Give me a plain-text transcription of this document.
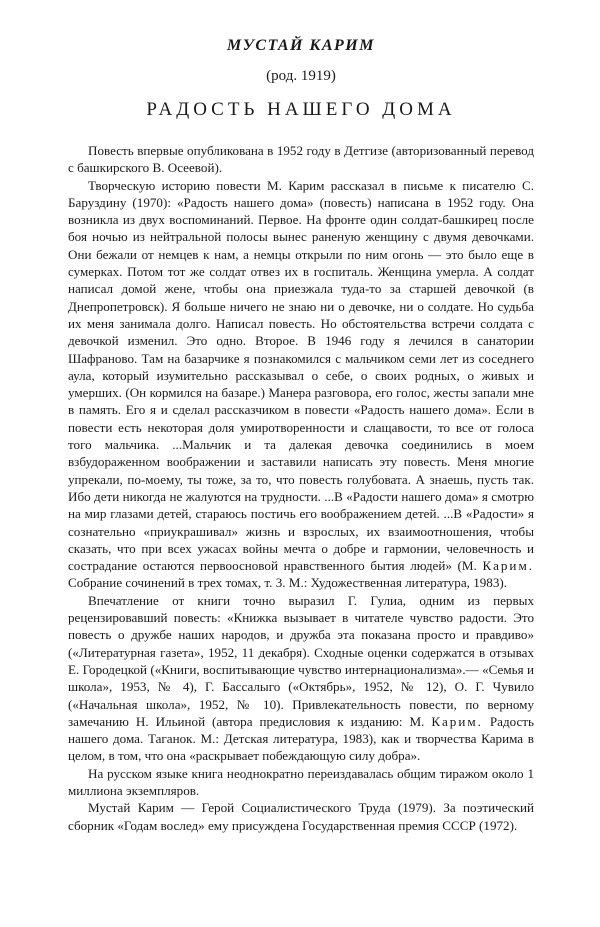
МУСТАЙ КАРИМ
(род. 1919)
РАДОСТЬ НАШЕГО ДОМА

Повесть впервые опубликована в 1952 году в Детгизе (авторизованный перевод с башкирского В. Осеевой).

Творческую историю повести М. Карим рассказал в письме к писателю С. Баруздину (1970): «Радость нашего дома» (повесть) написана в 1952 году. Она возникла из двух воспоминаний. Первое. На фронте один солдат-башкирец после боя ночью из нейтральной полосы вынес раненую женщину с двумя девочками. Они бежали от немцев к нам, а немцы открыли по ним огонь — это было еще в сумерках. Потом тот же солдат отвез их в госпиталь. Женщина умерла. А солдат написал домой жене, чтобы она приезжала туда-то за старшей девочкой (в Днепропетровск). Я больше ничего не знаю ни о девочке, ни о солдате. Но судьба их меня занимала долго. Написал повесть. Но обстоятельства встречи солдата с девочкой изменил. Это одно. Второе. В 1946 году я лечился в санатории Шафраново. Там на базарчике я познакомился с мальчиком семи лет из соседнего аула, который изумительно рассказывал о себе, о своих родных, о живых и умерших. (Он кормился на базаре.) Манера разговора, его голос, жесты запали мне в память. Его я и сделал рассказчиком в повести «Радость нашего дома». Если в повести есть некоторая доля умиротворенности и слащавости, то все от голоса того мальчика. ...Мальчик и та далекая девочка соединились в моем взбудораженном воображении и заставили написать эту повесть. Меня многие упрекали, по-моему, ты тоже, за то, что повесть голубовата. А знаешь, пусть так. Ибо дети никогда не жалуются на трудности. ...В «Радости нашего дома» я смотрю на мир глазами детей, стараюсь постичь его воображением детей. ...В «Радости» я сознательно «приукрашивал» жизнь и взрослых, их взаимоотношения, чтобы сказать, что при всех ужасах войны мечта о добре и гармонии, человечность и сострадание остаются первоосновой нравственного бытия людей» (М. Карим. Собрание сочинений в трех томах, т. 3. М.: Художественная литература, 1983).

Впечатление от книги точно выразил Г. Гулиа, одним из первых рецензировавший повесть: «Книжка вызывает в читателе чувство радости. Это повесть о дружбе наших народов, и дружба эта показана просто и правдиво» («Литературная газета», 1952, 11 декабря). Сходные оценки содержатся в отзывах Е. Городецкой («Книги, воспитывающие чувство интернационализма».— «Семья и школа», 1953, № 4), Г. Бассалыго («Октябрь», 1952, № 12), О. Г. Чувило («Начальная школа», 1952, № 10). Привлекательность повести, по верному замечанию Н. Ильиной (автора предисловия к изданию: М. Карим. Радость нашего дома. Таганок. М.: Детская литература, 1983), как и творчества Карима в целом, в том, что она «раскрывает побеждающую силу добра».

На русском языке книга неоднократно переиздавалась общим тиражом около 1 миллиона экземпляров.

Мустай Карим — Герой Социалистического Труда (1979). За поэтический сборник «Годам вослед» ему присуждена Государственная премия СССР (1972).
